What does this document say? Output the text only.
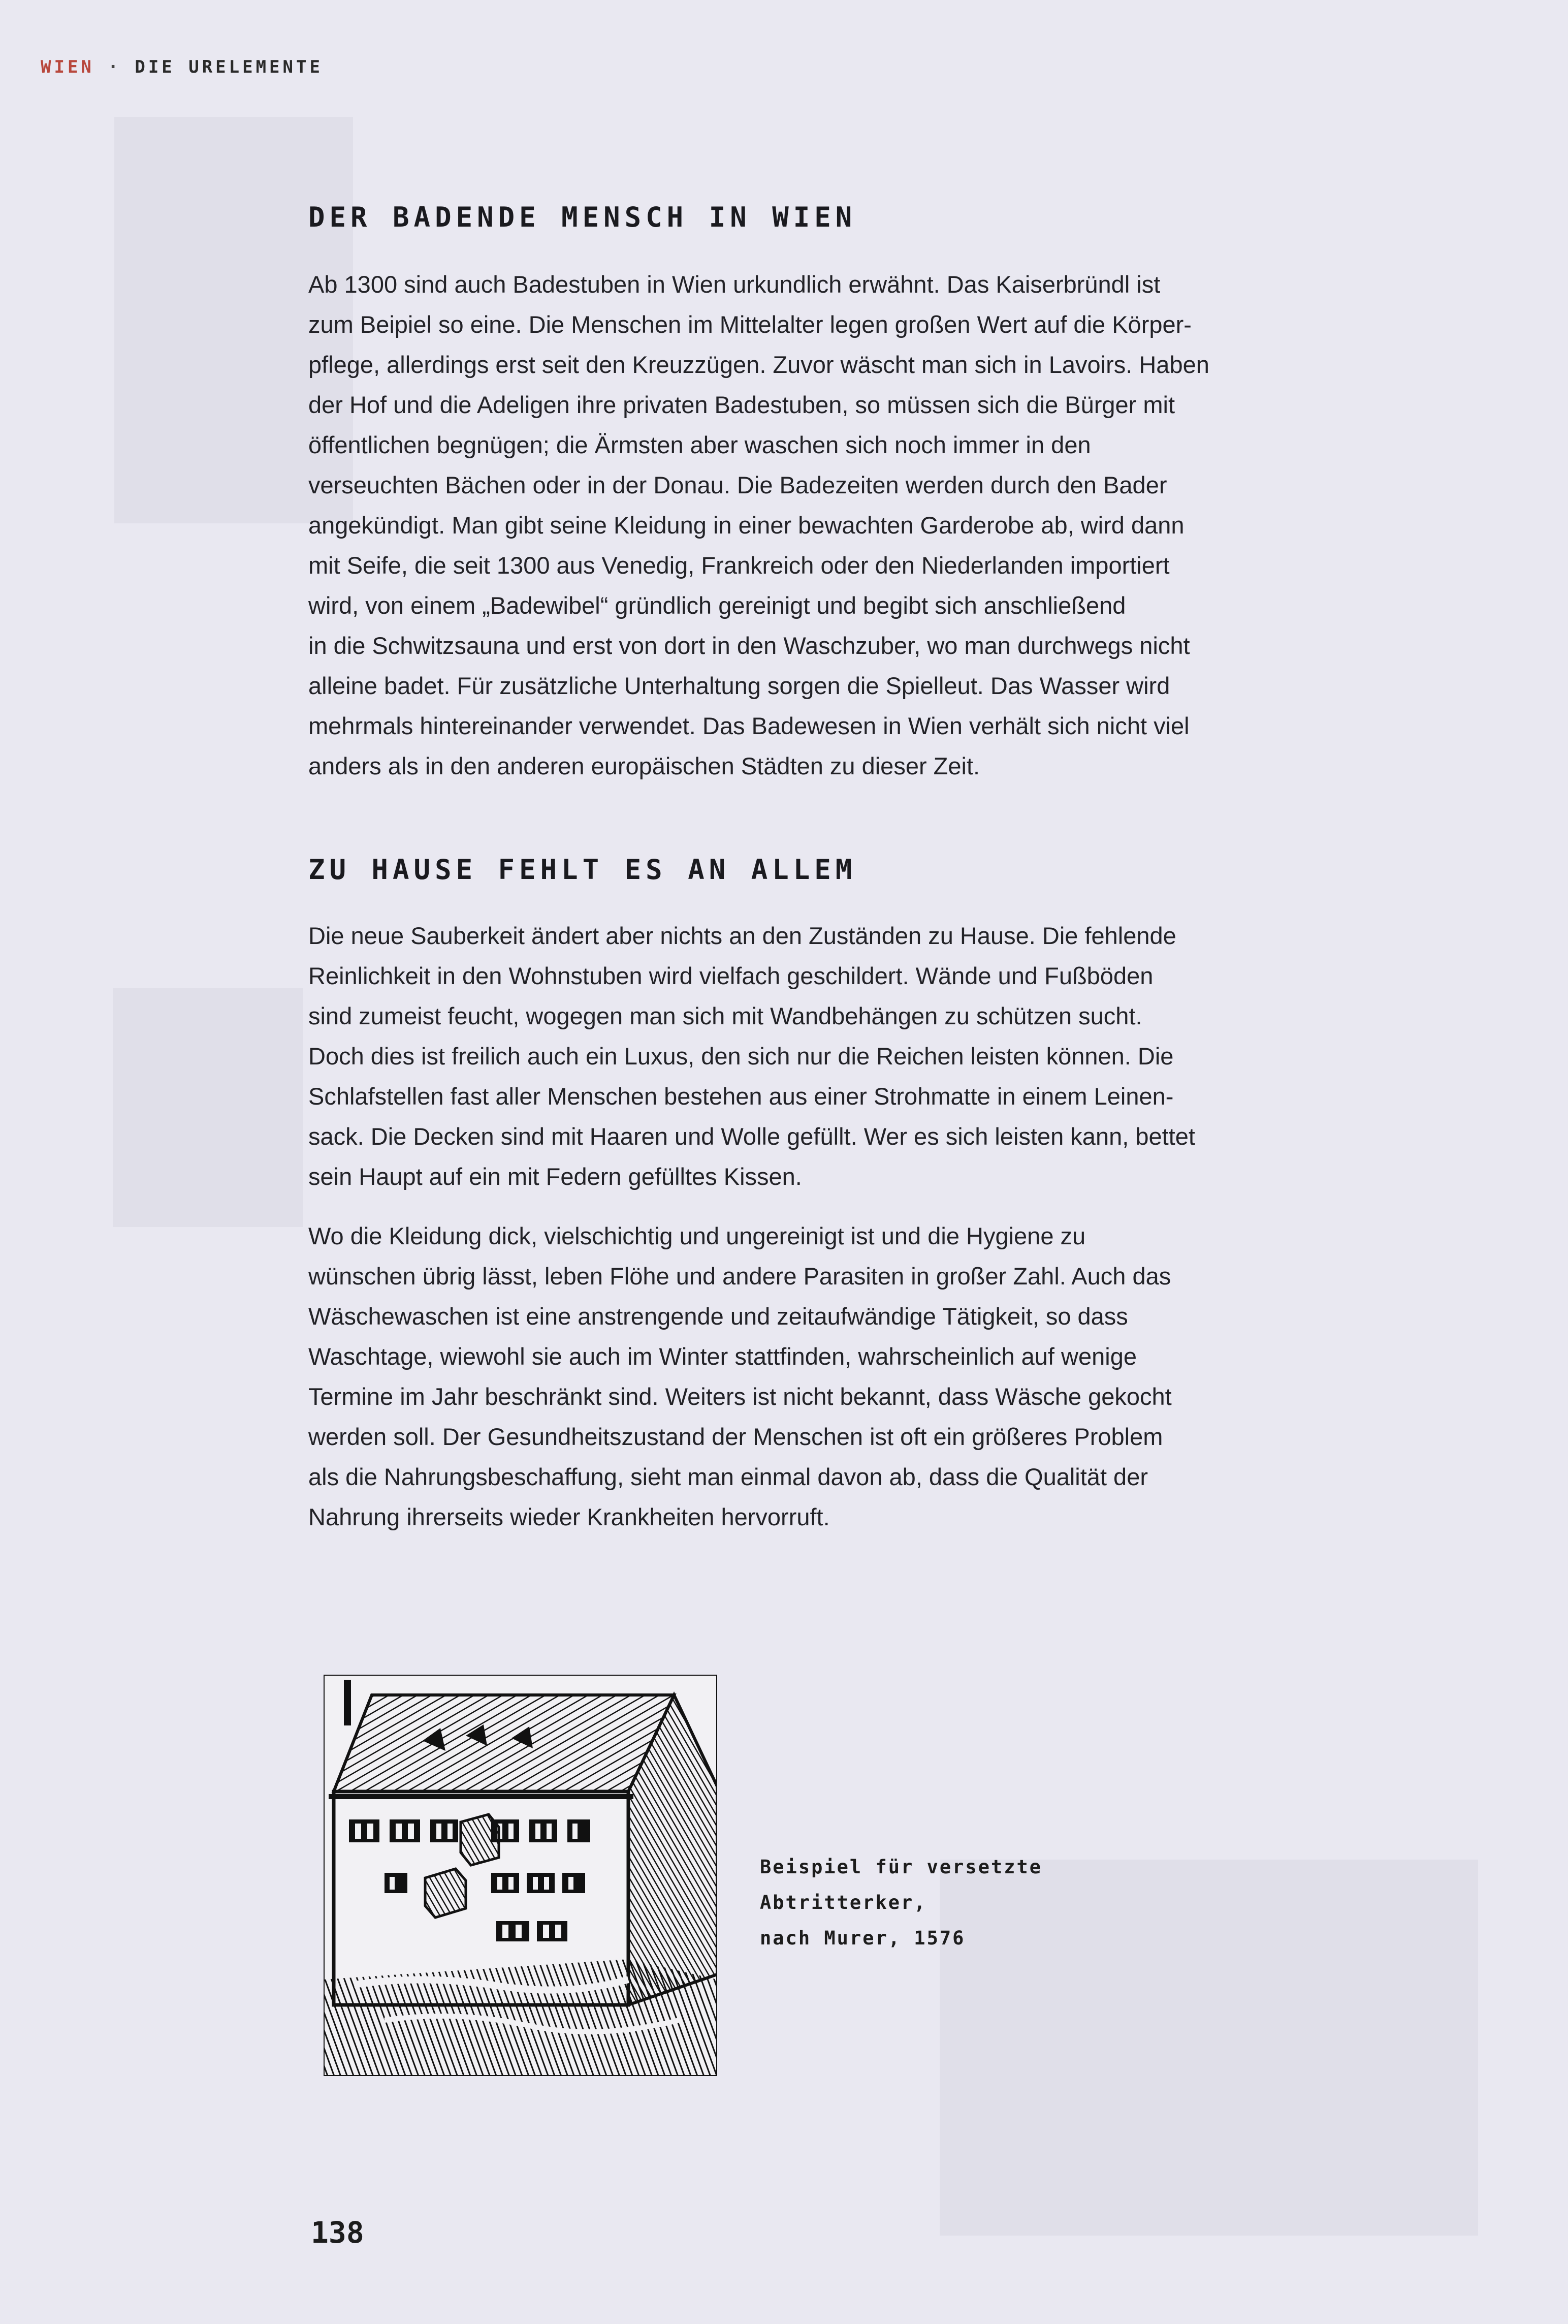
WIEN · DIE URELEMENTE
DER BADENDE MENSCH IN WIEN
Ab 1300 sind auch Badestuben in Wien urkundlich erwähnt. Das Kaiserbründl ist
zum Beipiel so eine. Die Menschen im Mittelalter legen großen Wert auf die Körper-
pflege, allerdings erst seit den Kreuzzügen. Zuvor wäscht man sich in Lavoirs. Haben
der Hof und die Adeligen ihre privaten Badestuben, so müssen sich die Bürger mit
öffentlichen begnügen; die Ärmsten aber waschen sich noch immer in den
verseuchten Bächen oder in der Donau. Die Badezeiten werden durch den Bader
angekündigt. Man gibt seine Kleidung in einer bewachten Garderobe ab, wird dann
mit Seife, die seit 1300 aus Venedig, Frankreich oder den Niederlanden importiert
wird, von einem „Badewibel“ gründlich gereinigt und begibt sich anschließend
in die Schwitzsauna und erst von dort in den Waschzuber, wo man durchwegs nicht
alleine badet. Für zusätzliche Unterhaltung sorgen die Spielleut. Das Wasser wird
mehrmals hintereinander verwendet. Das Badewesen in Wien verhält sich nicht viel
anders als in den anderen europäischen Städten zu dieser Zeit.
ZU HAUSE FEHLT ES AN ALLEM
Die neue Sauberkeit ändert aber nichts an den Zuständen zu Hause. Die fehlende
Reinlichkeit in den Wohnstuben wird vielfach geschildert. Wände und Fußböden
sind zumeist feucht, wogegen man sich mit Wandbehängen zu schützen sucht.
Doch dies ist freilich auch ein Luxus, den sich nur die Reichen leisten können. Die
Schlafstellen fast aller Menschen bestehen aus einer Strohmatte in einem Leinen-
sack. Die Decken sind mit Haaren und Wolle gefüllt. Wer es sich leisten kann, bettet
sein Haupt auf ein mit Federn gefülltes Kissen.
Wo die Kleidung dick, vielschichtig und ungereinigt ist und die Hygiene zu
wünschen übrig lässt, leben Flöhe und andere Parasiten in großer Zahl. Auch das
Wäschewaschen ist eine anstrengende und zeitaufwändige Tätigkeit, so dass
Waschtage, wiewohl sie auch im Winter stattfinden, wahrscheinlich auf wenige
Termine im Jahr beschränkt sind. Weiters ist nicht bekannt, dass Wäsche gekocht
werden soll. Der Gesundheitszustand der Menschen ist oft ein größeres Problem
als die Nahrungsbeschaffung, sieht man einmal davon ab, dass die Qualität der
Nahrung ihrerseits wieder Krankheiten hervorruft.
Beispiel für versetzte
Abtritterker,
nach Murer, 1576
138
